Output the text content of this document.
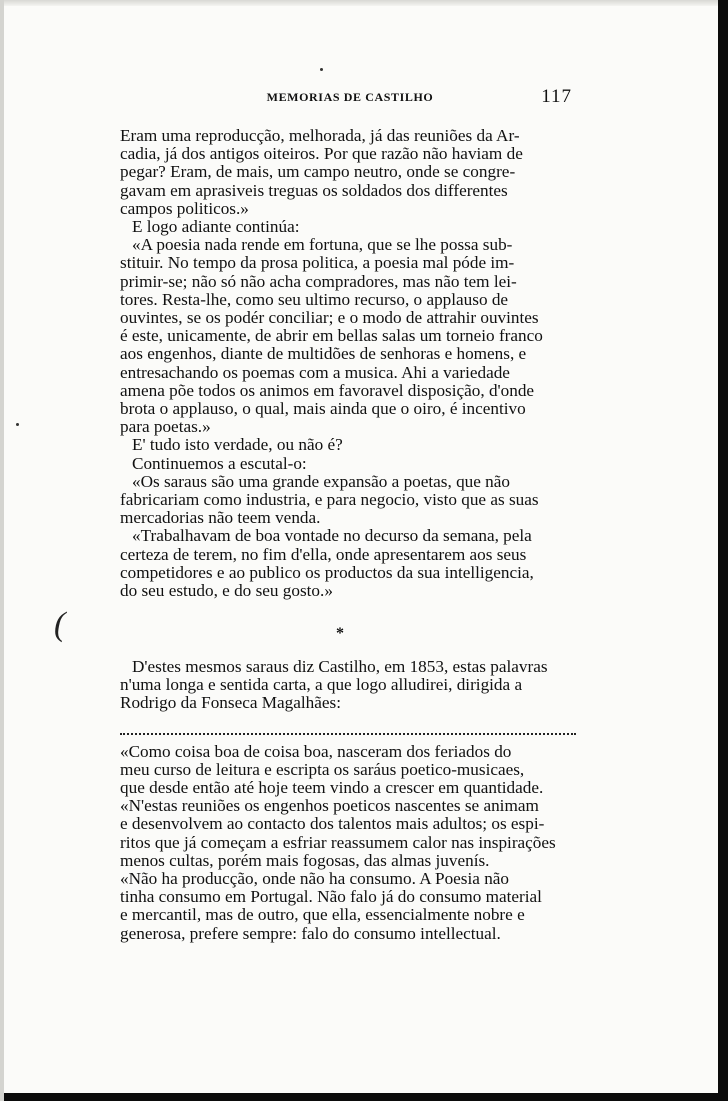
MEMORIAS DE CASTILHO	117

Eram uma reproducção, melhorada, já das reuniões da Ar-

cadia, já dos antigos oiteiros. Por que razão não haviam de

pegar? Eram, de mais, um campo neutro, onde se congre-

gavam em aprasiveis treguas os soldados dos differentes

campos politicos.»

E logo adiante continúa:

«A poesia nada rende em fortuna, que se lhe possa sub-

stituir. No tempo da prosa politica, a poesia mal póde im-

primir-se; não só não acha compradores, mas não tem lei-

tores. Resta-lhe, como seu ultimo recurso, o applauso de

ouvintes, se os podér conciliar; e o modo de attrahir ouvintes

é este, unicamente, de abrir em bellas salas um torneio franco

aos engenhos, diante de multidões de senhoras e homens, e

entresachando os poemas com a musica. Ahi a variedade

amena põe todos os animos em favoravel disposição, d'onde

brota o applauso, o qual, mais ainda que o oiro, é incentivo

para poetas.»

E' tudo isto verdade, ou não é?

Continuemos a escutal-o:

«Os saraus são uma grande expansão a poetas, que não

fabricariam como industria, e para negocio, visto que as suas

mercadorias não teem venda.

«Trabalhavam de boa vontade no decurso da semana, pela

certeza de terem, no fim d'ella, onde apresentarem aos seus

competidores e ao publico os productos da sua intelligencia,

do seu estudo, e do seu gosto.»

(	*

D'estes mesmos saraus diz Castilho, em 1853, estas palavras

n'uma longa e sentida carta, a que logo alludirei, dirigida a

Rodrigo da Fonseca Magalhães:

«Como coisa boa de coisa boa, nasceram dos feriados do

meu curso de leitura e escripta os saráus poetico-musicaes,

que desde então até hoje teem vindo a crescer em quantidade.

«N'estas reuniões os engenhos poeticos nascentes se animam

e desenvolvem ao contacto dos talentos mais adultos; os espi-

ritos que já começam a esfriar reassumem calor nas inspirações

menos cultas, porém mais fogosas, das almas juvenís.

«Não ha producção, onde não ha consumo. A Poesia não

tinha consumo em Portugal. Não falo já do consumo material

e mercantil, mas de outro, que ella, essencialmente nobre e

generosa, prefere sempre: falo do consumo intellectual.
